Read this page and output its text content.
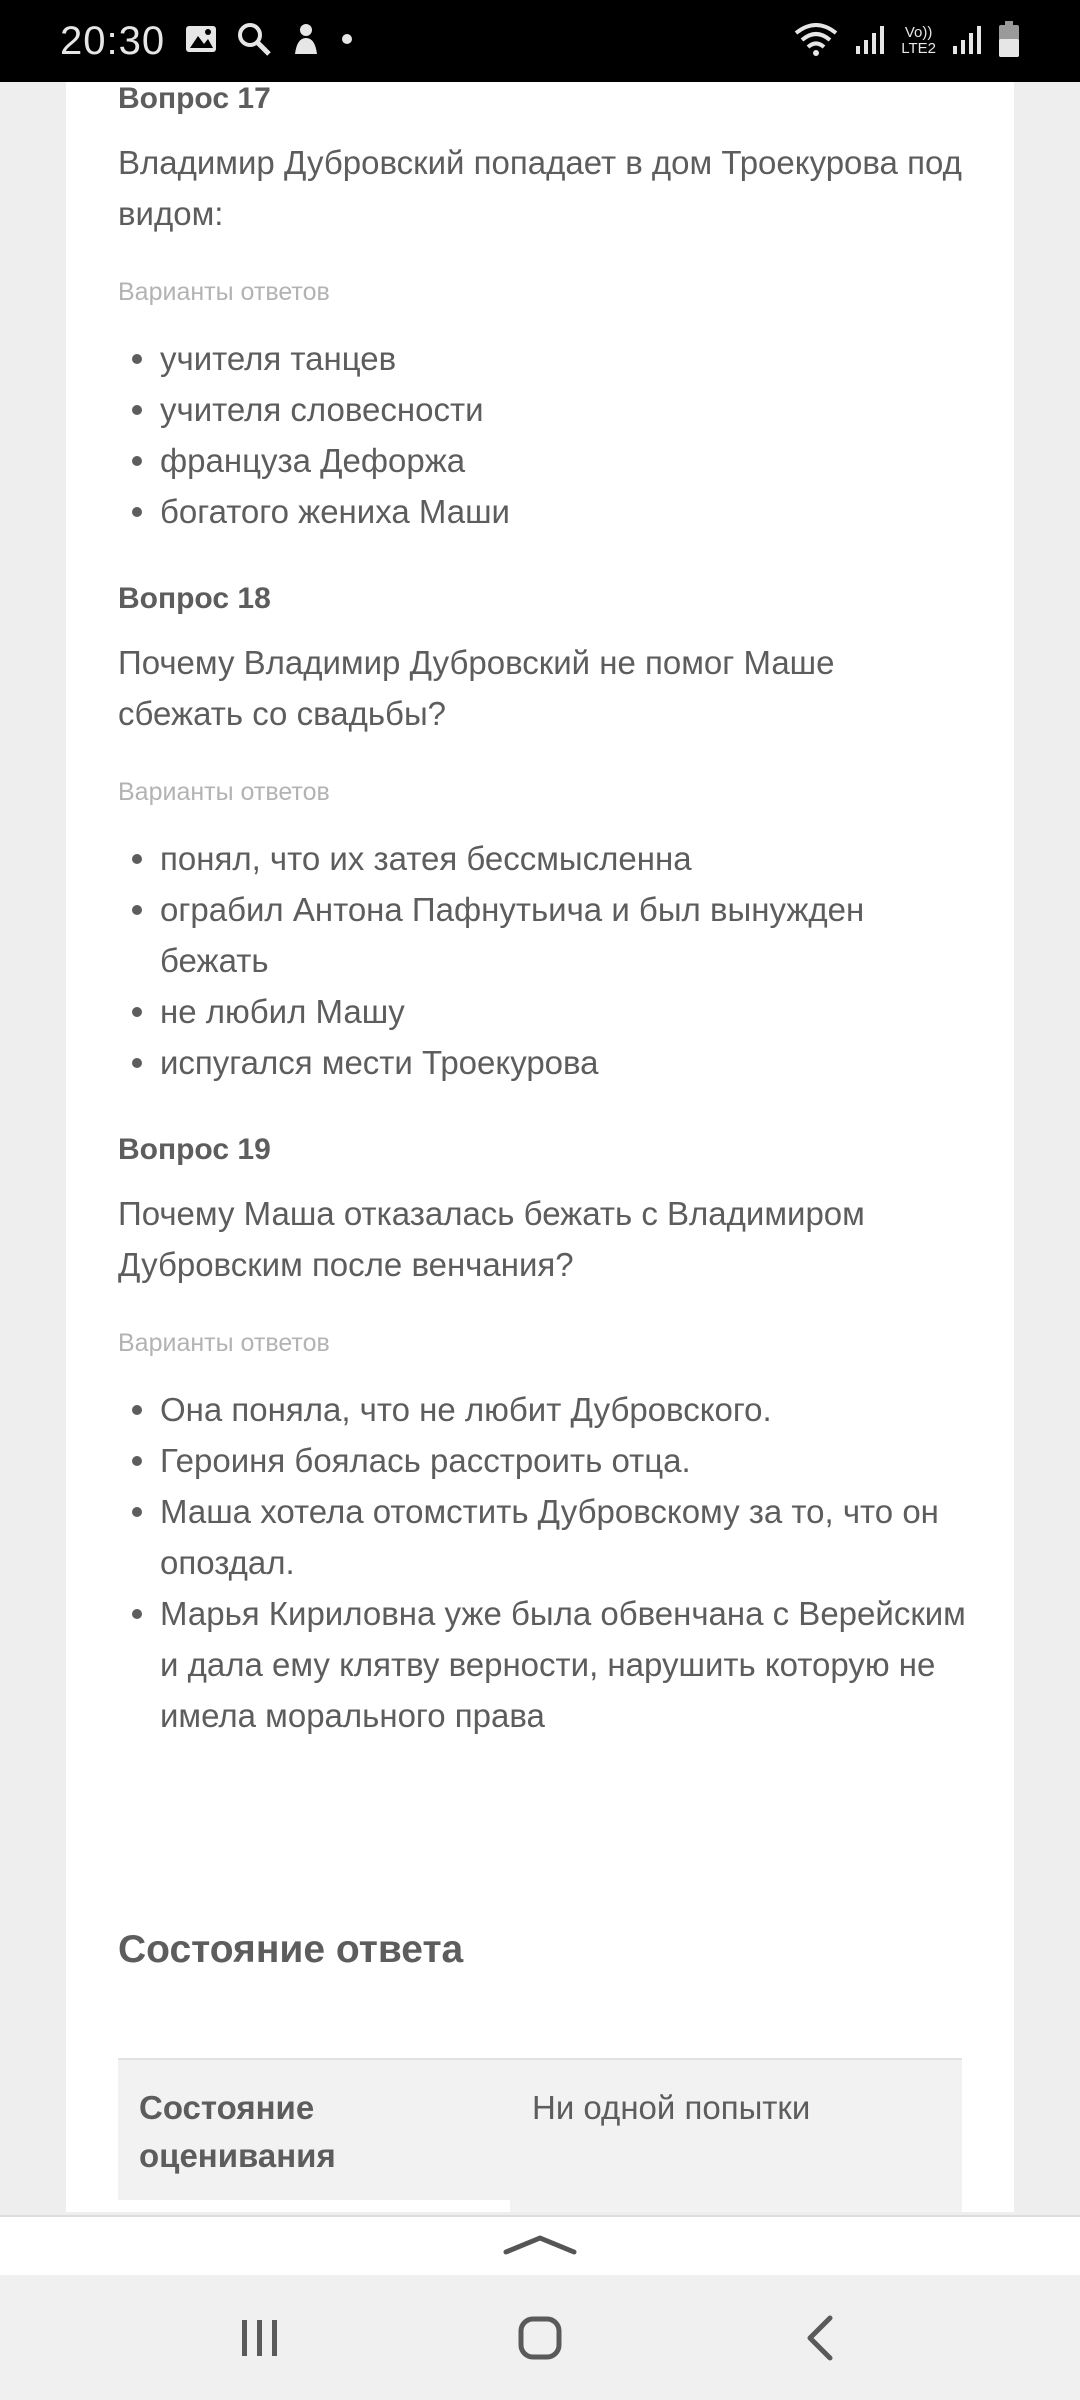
20:30	Vo))
LTE2
Вопрос 17
Владимир Дубровский попадает в дом Троекурова под видом:
Варианты ответов
учителя танцев
учителя словесности
француза Дефоржа
богатого жениха Маши
Вопрос 18
Почему Владимир Дубровский не помог Маше сбежать со свадьбы?
Варианты ответов
понял, что их затея бессмысленна
ограбил Антона Пафнутьича и был вынужден бежать
не любил Машу
испугался мести Троекурова
Вопрос 19
Почему Маша отказалась бежать с Владимиром Дубровским после венчания?
Варианты ответов
Она поняла, что не любит Дубровского.
Героиня боялась расстроить отца.
Маша хотела отомстить Дубровскому за то, что он опоздал.
Марья Кириловна уже была обвенчана с Верейским и дала ему клятву верности, нарушить которую не имела морального права
Состояние ответа
Состояние оценивания
Ни одной попытки
